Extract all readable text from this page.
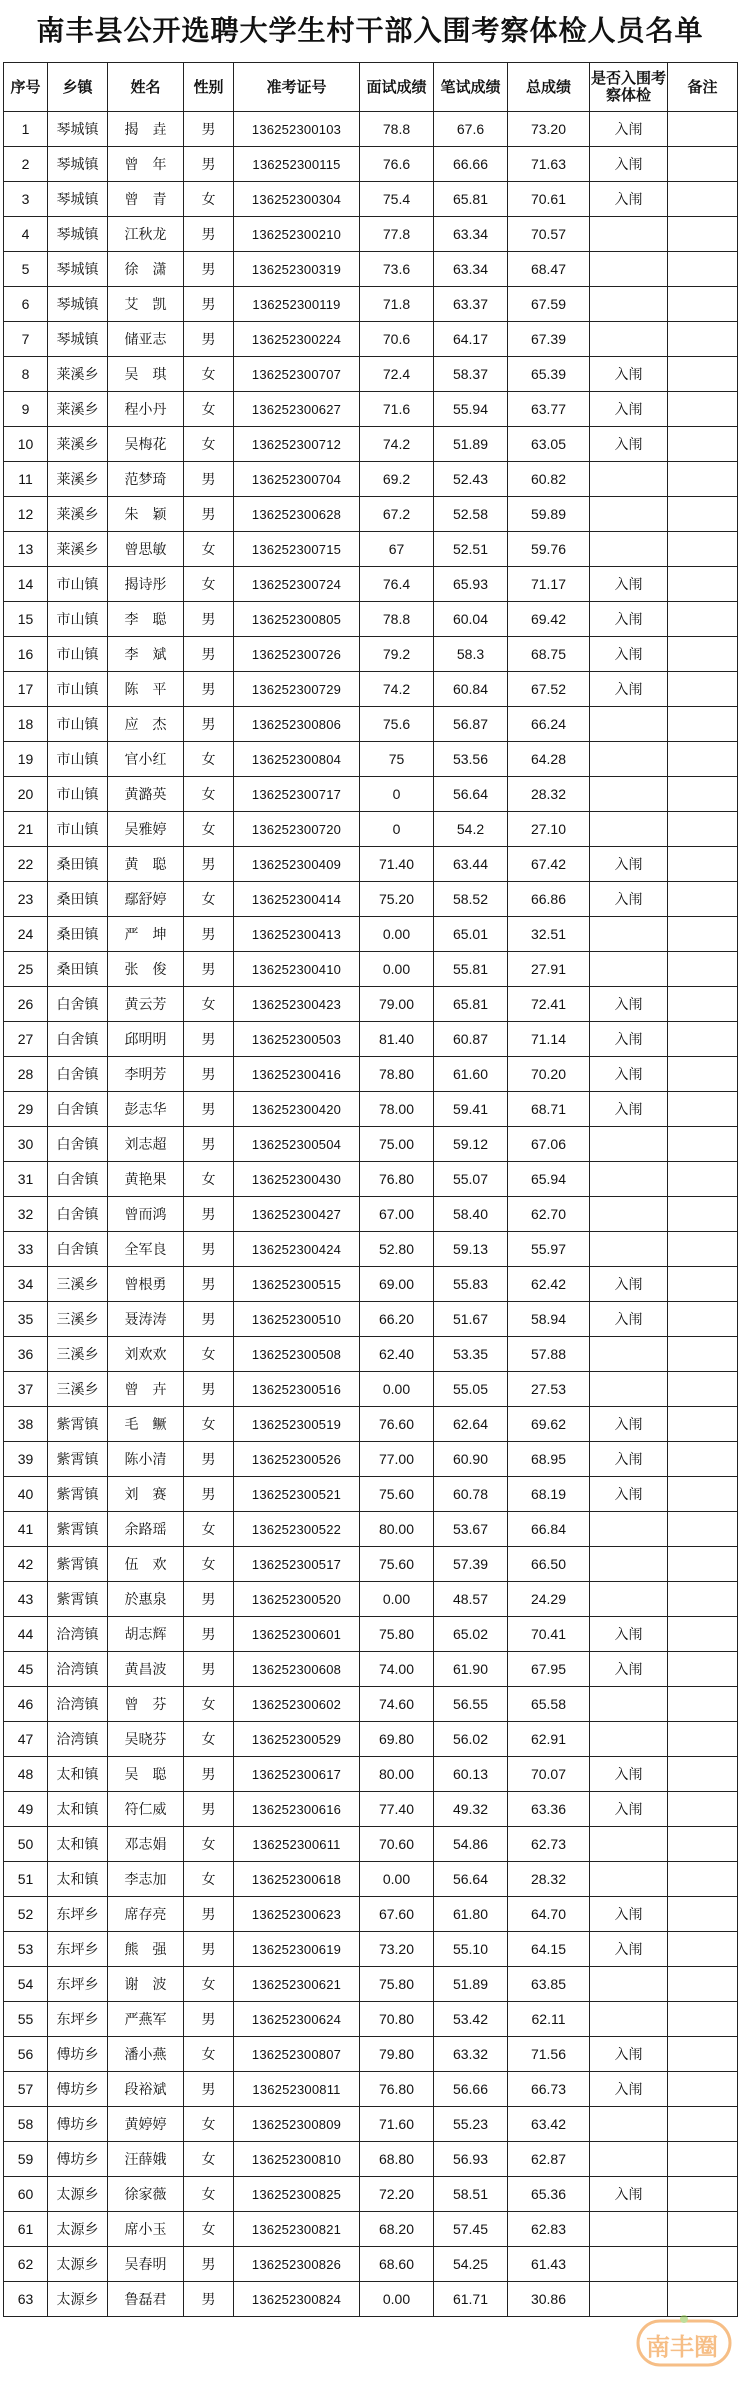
南丰县公开选聘大学生村干部入围考察体检人员名单
序号	乡镇	姓名	性别	准考证号	面试成绩	笔试成绩	总成绩	是否入围考察体检	备注
1	琴城镇	揭　垚	男	136252300103	78.8	67.6	73.20	入闱	
2	琴城镇	曾　年	男	136252300115	76.6	66.66	71.63	入闱	
3	琴城镇	曾　青	女	136252300304	75.4	65.81	70.61	入闱	
4	琴城镇	江秋龙	男	136252300210	77.8	63.34	70.57		
5	琴城镇	徐　潇	男	136252300319	73.6	63.34	68.47		
6	琴城镇	艾　凯	男	136252300119	71.8	63.37	67.59		
7	琴城镇	储亚志	男	136252300224	70.6	64.17	67.39		
8	莱溪乡	吴　琪	女	136252300707	72.4	58.37	65.39	入闱	
9	莱溪乡	程小丹	女	136252300627	71.6	55.94	63.77	入闱	
10	莱溪乡	吴梅花	女	136252300712	74.2	51.89	63.05	入闱	
11	莱溪乡	范梦琦	男	136252300704	69.2	52.43	60.82		
12	莱溪乡	朱　颖	男	136252300628	67.2	52.58	59.89		
13	莱溪乡	曾思敏	女	136252300715	67	52.51	59.76		
14	市山镇	揭诗彤	女	136252300724	76.4	65.93	71.17	入闱	
15	市山镇	李　聪	男	136252300805	78.8	60.04	69.42	入闱	
16	市山镇	李　斌	男	136252300726	79.2	58.3	68.75	入闱	
17	市山镇	陈　平	男	136252300729	74.2	60.84	67.52	入闱	
18	市山镇	应　杰	男	136252300806	75.6	56.87	66.24		
19	市山镇	官小红	女	136252300804	75	53.56	64.28		
20	市山镇	黄潞英	女	136252300717	0	56.64	28.32		
21	市山镇	吴雅婷	女	136252300720	0	54.2	27.10		
22	桑田镇	黄　聪	男	136252300409	71.40	63.44	67.42	入闱	
23	桑田镇	鄢舒婷	女	136252300414	75.20	58.52	66.86	入闱	
24	桑田镇	严　坤	男	136252300413	0.00	65.01	32.51		
25	桑田镇	张　俊	男	136252300410	0.00	55.81	27.91		
26	白舍镇	黄云芳	女	136252300423	79.00	65.81	72.41	入闱	
27	白舍镇	邱明明	男	136252300503	81.40	60.87	71.14	入闱	
28	白舍镇	李明芳	男	136252300416	78.80	61.60	70.20	入闱	
29	白舍镇	彭志华	男	136252300420	78.00	59.41	68.71	入闱	
30	白舍镇	刘志超	男	136252300504	75.00	59.12	67.06		
31	白舍镇	黄艳果	女	136252300430	76.80	55.07	65.94		
32	白舍镇	曾而鸿	男	136252300427	67.00	58.40	62.70		
33	白舍镇	全军良	男	136252300424	52.80	59.13	55.97		
34	三溪乡	曾根勇	男	136252300515	69.00	55.83	62.42	入闱	
35	三溪乡	聂涛涛	男	136252300510	66.20	51.67	58.94	入闱	
36	三溪乡	刘欢欢	女	136252300508	62.40	53.35	57.88		
37	三溪乡	曾　卉	男	136252300516	0.00	55.05	27.53		
38	紫霄镇	毛　鳜	女	136252300519	76.60	62.64	69.62	入闱	
39	紫霄镇	陈小清	男	136252300526	77.00	60.90	68.95	入闱	
40	紫霄镇	刘　赛	男	136252300521	75.60	60.78	68.19	入闱	
41	紫霄镇	余路瑶	女	136252300522	80.00	53.67	66.84		
42	紫霄镇	伍　欢	女	136252300517	75.60	57.39	66.50		
43	紫霄镇	於惠泉	男	136252300520	0.00	48.57	24.29		
44	洽湾镇	胡志辉	男	136252300601	75.80	65.02	70.41	入闱	
45	洽湾镇	黄昌波	男	136252300608	74.00	61.90	67.95	入闱	
46	洽湾镇	曾　芬	女	136252300602	74.60	56.55	65.58		
47	洽湾镇	吴晓芬	女	136252300529	69.80	56.02	62.91		
48	太和镇	吴　聪	男	136252300617	80.00	60.13	70.07	入闱	
49	太和镇	符仁威	男	136252300616	77.40	49.32	63.36	入闱	
50	太和镇	邓志娟	女	136252300611	70.60	54.86	62.73		
51	太和镇	李志加	女	136252300618	0.00	56.64	28.32		
52	东坪乡	席存亮	男	136252300623	67.60	61.80	64.70	入闱	
53	东坪乡	熊　强	男	136252300619	73.20	55.10	64.15	入闱	
54	东坪乡	谢　波	女	136252300621	75.80	51.89	63.85		
55	东坪乡	严燕军	男	136252300624	70.80	53.42	62.11		
56	傅坊乡	潘小燕	女	136252300807	79.80	63.32	71.56	入闱	
57	傅坊乡	段裕斌	男	136252300811	76.80	56.66	66.73	入闱	
58	傅坊乡	黄婷婷	女	136252300809	71.60	55.23	63.42		
59	傅坊乡	汪薛娥	女	136252300810	68.80	56.93	62.87		
60	太源乡	徐家薇	女	136252300825	72.20	58.51	65.36	入闱	
61	太源乡	席小玉	女	136252300821	68.20	57.45	62.83		
62	太源乡	吴春明	男	136252300826	68.60	54.25	61.43		
63	太源乡	鲁磊君	男	136252300824	0.00	61.71	30.86		
南丰圈
